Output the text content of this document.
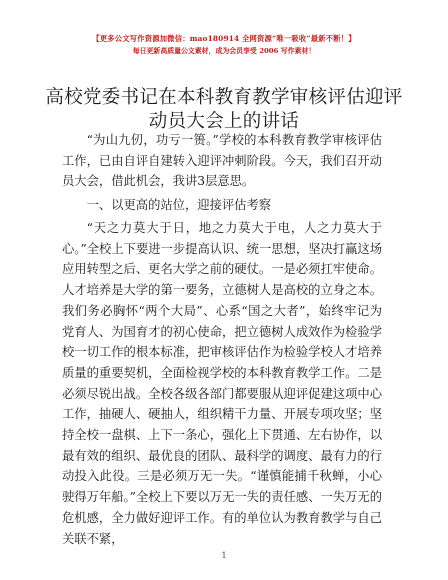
【更多公文写作资源加微信：mao180914 全网资源“唯一吸收”最新不断！】
每日更新高质量公文素材，成为会员享受 2006 写作素材！
高校党委书记在本科教育教学审核评估迎评动员大会上的讲话

“为山九仞，功亏一篑。”学校的本科教育教学审核评估工作，已由自评自建转入迎评冲刺阶段。今天，我们召开动员大会，借此机会，我讲3层意思。

一、以更高的站位，迎接评估考察

“天之力莫大于日，地之力莫大于电，人之力莫大于心。”全校上下要进一步提高认识、统一思想，坚决打赢这场应用转型之后、更名大学之前的硬仗。一是必须扛牢使命。人才培养是大学的第一要务，立德树人是高校的立身之本。我们务必胸怀“两个大局”、心系“国之大者”，始终牢记为党育人、为国育才的初心使命，把立德树人成效作为检验学校一切工作的根本标准，把审核评估作为检验学校人才培养质量的重要契机，全面检视学校的本科教育教学工作。二是必须尽锐出战。全校各级各部门都要服从迎评促建这项中心工作，抽硬人、硬抽人，组织精干力量、开展专项攻坚；坚持全校一盘棋、上下一条心，强化上下贯通、左右协作，以最有效的组织、最优良的团队、最科学的调度、最有力的行动投入此役。三是必须万无一失。“谨慎能捕千秋蝉，小心驶得万年船。”全校上下要以万无一失的责任感、一失万无的危机感，全力做好迎评工作。有的单位认为教育教学与自己关联不紧，

1
